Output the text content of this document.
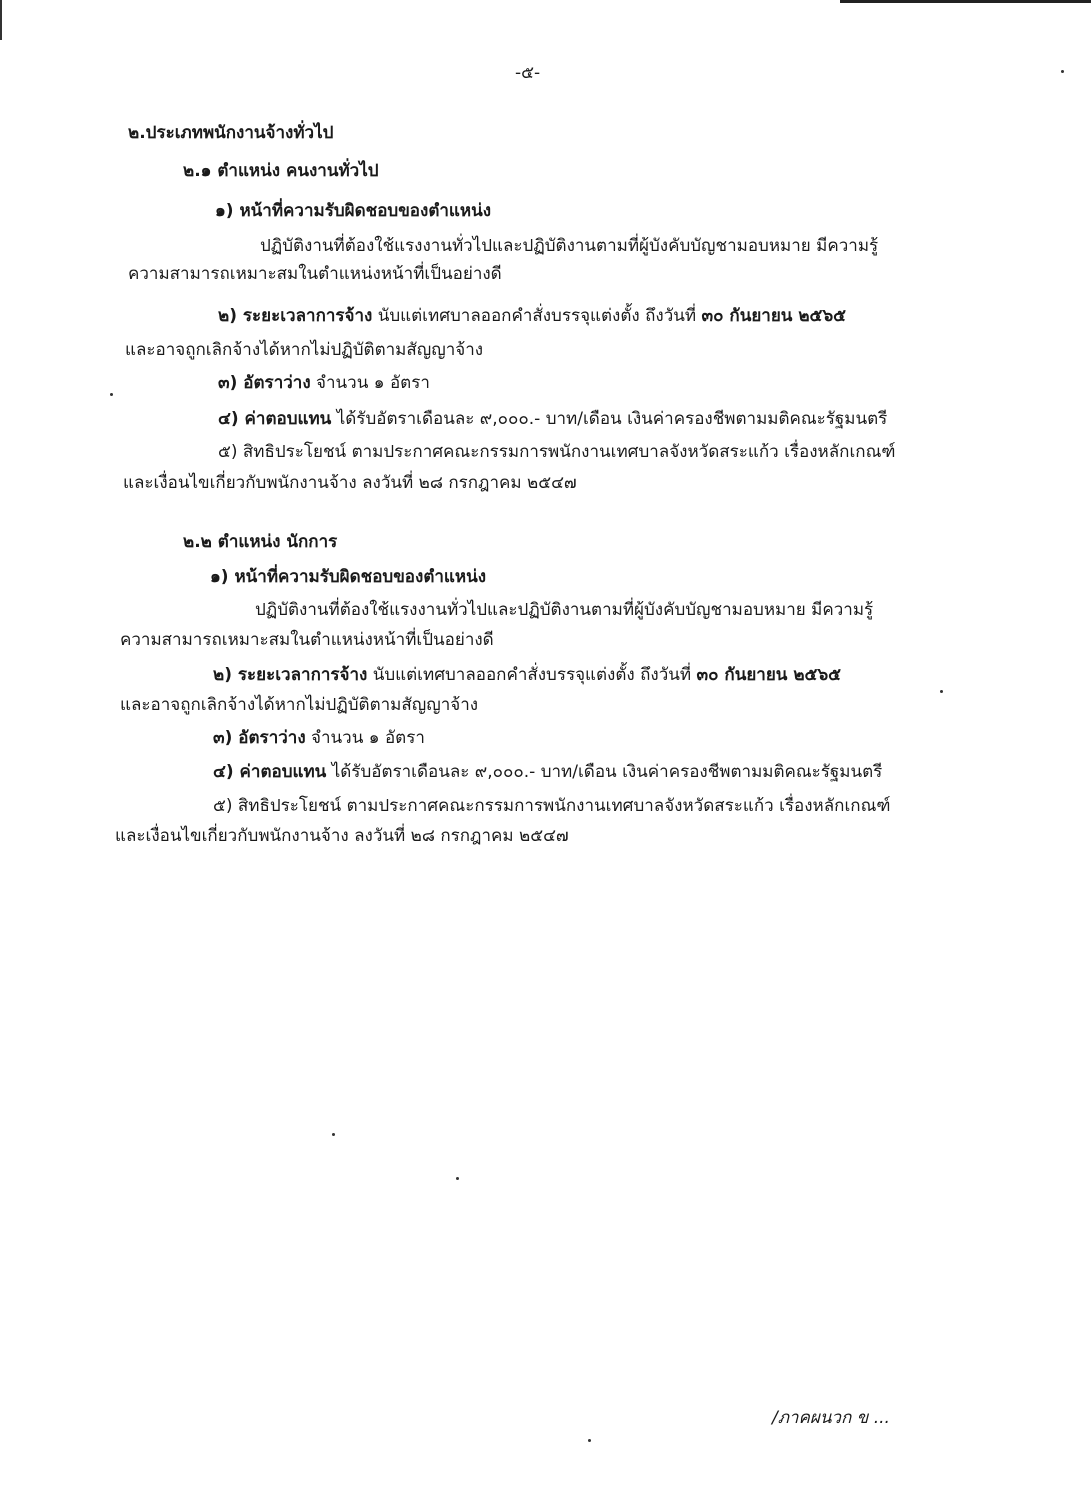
-๕-
๒.ประเภทพนักงานจ้างทั่วไป
๒.๑ ตำแหน่ง คนงานทั่วไป
๑) หน้าที่ความรับผิดชอบของตำแหน่ง
ปฏิบัติงานที่ต้องใช้แรงงานทั่วไปและปฏิบัติงานตามที่ผู้บังคับบัญชามอบหมาย มีความรู้
ความสามารถเหมาะสมในตำแหน่งหน้าที่เป็นอย่างดี
๒) ระยะเวลาการจ้าง นับแต่เทศบาลออกคำสั่งบรรจุแต่งตั้ง ถึงวันที่ ๓๐ กันยายน ๒๕๖๕
และอาจถูกเลิกจ้างได้หากไม่ปฏิบัติตามสัญญาจ้าง
๓) อัตราว่าง จำนวน ๑ อัตรา
๔) ค่าตอบแทน ได้รับอัตราเดือนละ ๙,๐๐๐.- บาท/เดือน เงินค่าครองชีพตามมติคณะรัฐมนตรี
๕) สิทธิประโยชน์ ตามประกาศคณะกรรมการพนักงานเทศบาลจังหวัดสระแก้ว เรื่องหลักเกณฑ์
และเงื่อนไขเกี่ยวกับพนักงานจ้าง ลงวันที่ ๒๘ กรกฎาคม ๒๕๔๗
๒.๒ ตำแหน่ง นักการ
๑) หน้าที่ความรับผิดชอบของตำแหน่ง
ปฏิบัติงานที่ต้องใช้แรงงานทั่วไปและปฏิบัติงานตามที่ผู้บังคับบัญชามอบหมาย มีความรู้
ความสามารถเหมาะสมในตำแหน่งหน้าที่เป็นอย่างดี
๒) ระยะเวลาการจ้าง นับแต่เทศบาลออกคำสั่งบรรจุแต่งตั้ง ถึงวันที่ ๓๐ กันยายน ๒๕๖๕
และอาจถูกเลิกจ้างได้หากไม่ปฏิบัติตามสัญญาจ้าง
๓) อัตราว่าง จำนวน ๑ อัตรา
๔) ค่าตอบแทน ได้รับอัตราเดือนละ ๙,๐๐๐.- บาท/เดือน เงินค่าครองชีพตามมติคณะรัฐมนตรี
๕) สิทธิประโยชน์ ตามประกาศคณะกรรมการพนักงานเทศบาลจังหวัดสระแก้ว เรื่องหลักเกณฑ์
และเงื่อนไขเกี่ยวกับพนักงานจ้าง ลงวันที่ ๒๘ กรกฎาคม ๒๕๔๗
/ภาคผนวก ข ...
